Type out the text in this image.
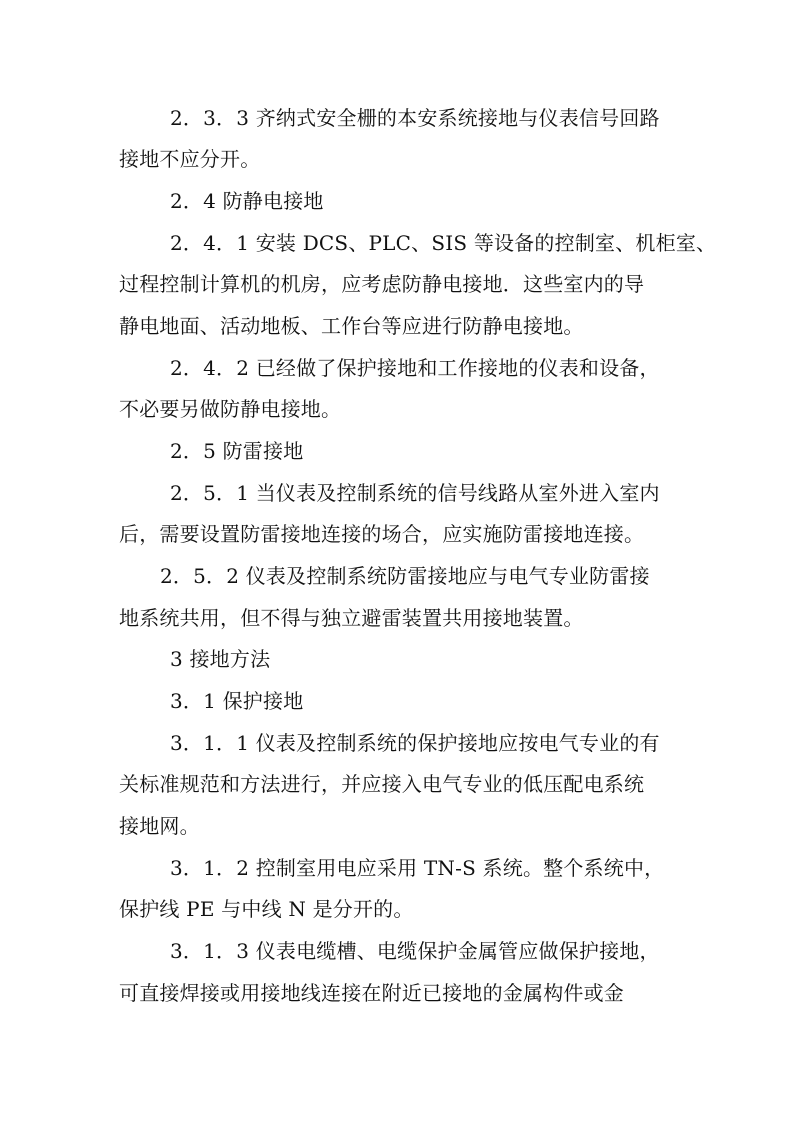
2．3．3 齐纳式安全栅的本安系统接地与仪表信号回路
接地不应分开。
2．4 防静电接地
2．4．1 安装 DCS、PLC、SIS 等设备的控制室、机柜室、
过程控制计算机的机房，应考虑防静电接地．这些室内的导
静电地面、活动地板、工作台等应进行防静电接地。
2．4．2 已经做了保护接地和工作接地的仪表和设备，
不必要另做防静电接地。
2．5 防雷接地
2．5．1 当仪表及控制系统的信号线路从室外进入室内
后，需要设置防雷接地连接的场合，应实施防雷接地连接。
2．5．2 仪表及控制系统防雷接地应与电气专业防雷接
地系统共用，但不得与独立避雷装置共用接地装置。
3 接地方法
3．1 保护接地
3．1．1 仪表及控制系统的保护接地应按电气专业的有
关标准规范和方法进行，并应接入电气专业的低压配电系统
接地网。
3．1．2 控制室用电应采用 TN-S 系统。整个系统中，
保护线 PE 与中线 N 是分开的。
3．1．3 仪表电缆槽、电缆保护金属管应做保护接地，
可直接焊接或用接地线连接在附近已接地的金属构件或金
